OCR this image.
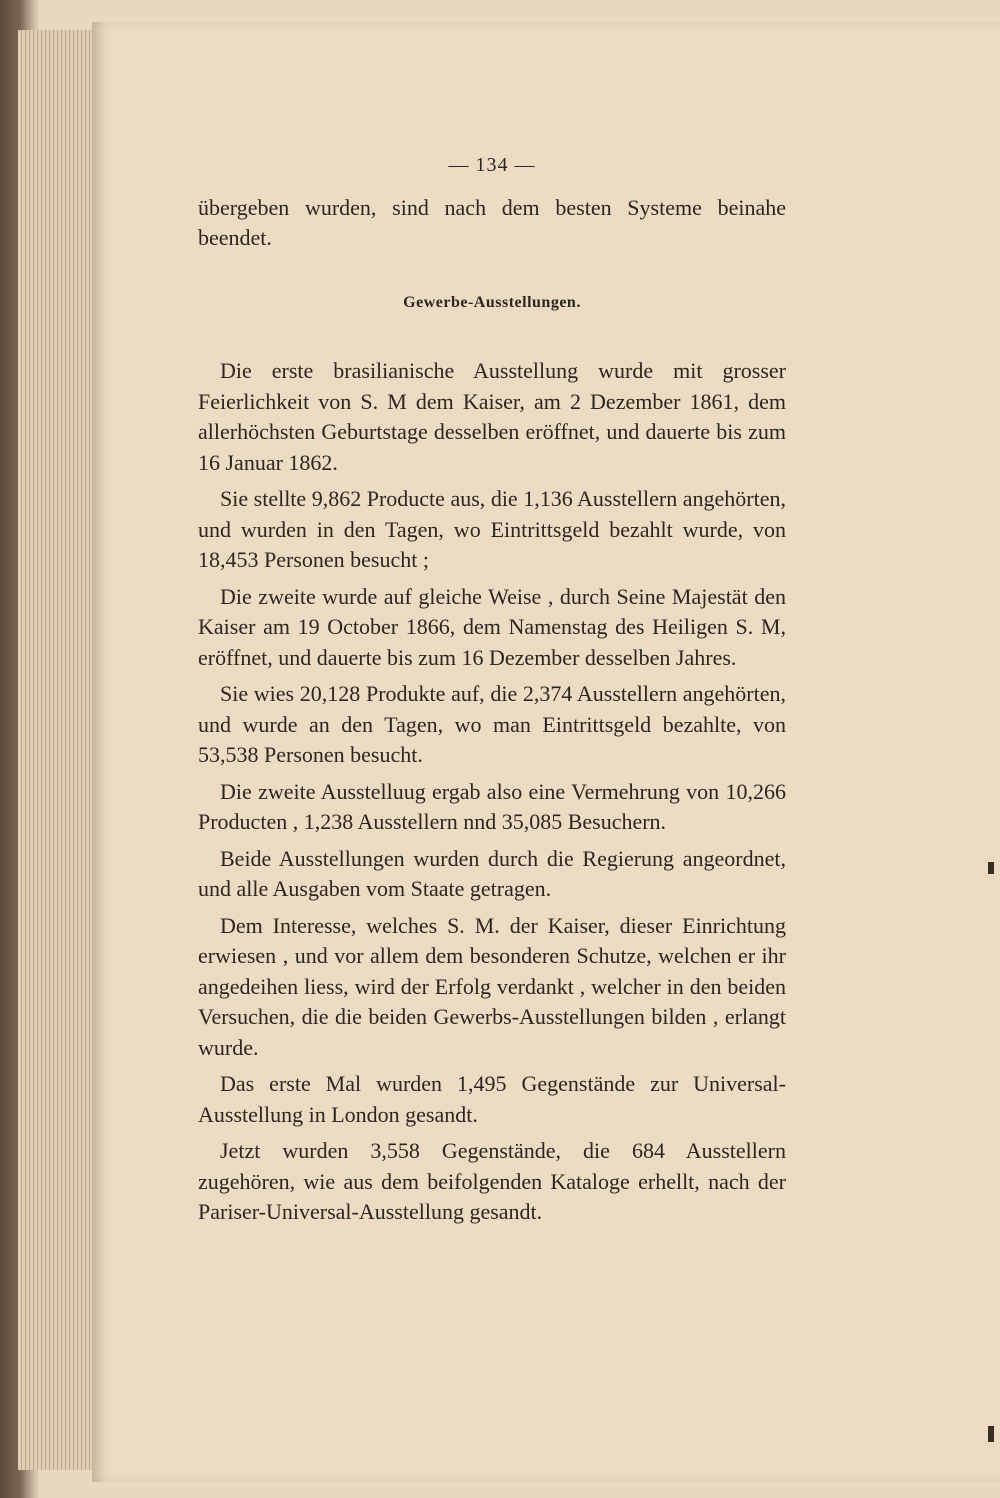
— 134 —

übergeben wurden, sind nach dem besten Systeme beinahe beendet.

Gewerbe-Ausstellungen.

Die erste brasilianische Ausstellung wurde mit grosser Feierlichkeit von S. M dem Kaiser, am 2 Dezember 1861, dem allerhöchsten Geburtstage desselben eröffnet, und dauerte bis zum 16 Januar 1862.

Sie stellte 9,862 Producte aus, die 1,136 Ausstellern angehörten, und wurden in den Tagen, wo Eintrittsgeld bezahlt wurde, von 18,453 Personen besucht ;

Die zweite wurde auf gleiche Weise , durch Seine Majestät den Kaiser am 19 October 1866, dem Namenstag des Heiligen S. M, eröffnet, und dauerte bis zum 16 Dezember desselben Jahres.

Sie wies 20,128 Produkte auf, die 2,374 Ausstellern angehörten, und wurde an den Tagen, wo man Eintrittsgeld bezahlte, von 53,538 Personen besucht.

Die zweite Ausstelluug ergab also eine Vermehrung von 10,266 Producten , 1,238 Ausstellern nnd 35,085 Besuchern.

Beide Ausstellungen wurden durch die Regierung angeordnet, und alle Ausgaben vom Staate getragen.

Dem Interesse, welches S. M. der Kaiser, dieser Einrichtung erwiesen , und vor allem dem besonderen Schutze, welchen er ihr angedeihen liess, wird der Erfolg verdankt , welcher in den beiden Versuchen, die die beiden Gewerbs-Ausstellungen bilden , erlangt wurde.

Das erste Mal wurden 1,495 Gegenstände zur Universal-Ausstellung in London gesandt.

Jetzt wurden 3,558 Gegenstände, die 684 Ausstellern zugehören, wie aus dem beifolgenden Kataloge erhellt, nach der Pariser-Universal-Ausstellung gesandt.
